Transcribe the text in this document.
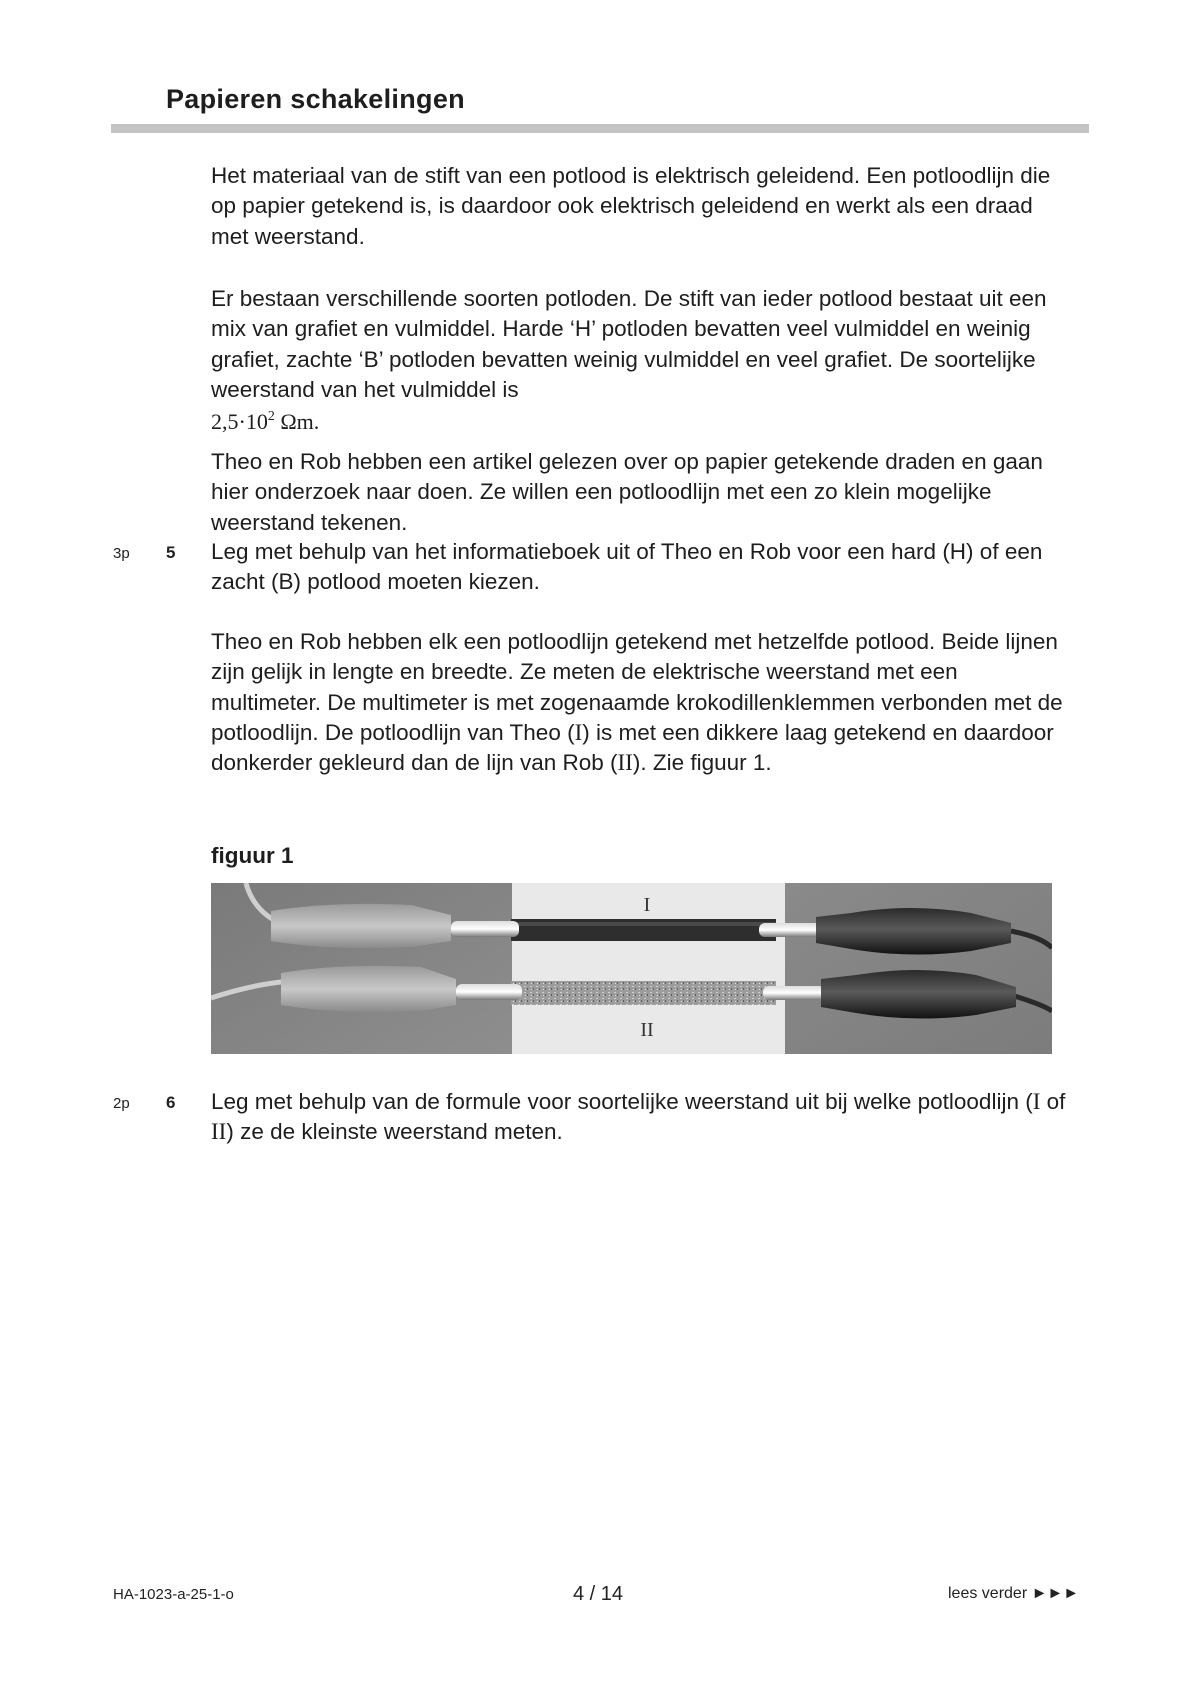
Papieren schakelingen

Het materiaal van de stift van een potlood is elektrisch geleidend. Een potloodlijn die op papier getekend is, is daardoor ook elektrisch geleidend en werkt als een draad met weerstand.

Er bestaan verschillende soorten potloden. De stift van ieder potlood bestaat uit een mix van grafiet en vulmiddel. Harde ‘H’ potloden bevatten veel vulmiddel en weinig grafiet, zachte ‘B’ potloden bevatten weinig vulmiddel en veel grafiet. De soortelijke weerstand van het vulmiddel is

$2,5\cdot 10^2$ Ωm.

Theo en Rob hebben een artikel gelezen over op papier getekende draden en gaan hier onderzoek naar doen. Ze willen een potloodlijn met een zo klein mogelijke weerstand tekenen.

3p 5 Leg met behulp van het informatieboek uit of Theo en Rob voor een hard (H) of een zacht (B) potlood moeten kiezen.

Theo en Rob hebben elk een potloodlijn getekend met hetzelfde potlood. Beide lijnen zijn gelijk in lengte en breedte. Ze meten de elektrische weerstand met een multimeter. De multimeter is met zogenaamde krokodillenklemmen verbonden met de potloodlijn. De potloodlijn van Theo (I) is met een dikkere laag getekend en daardoor donkerder gekleurd dan de lijn van Rob (II). Zie figuur 1.

figuur 1
I
II
2p 6 Leg met behulp van de formule voor soortelijke weerstand uit bij welke potloodlijn (I of II) ze de kleinste weerstand meten.

HA-1023-a-25-1-o	4 / 14	lees verder ►►►
